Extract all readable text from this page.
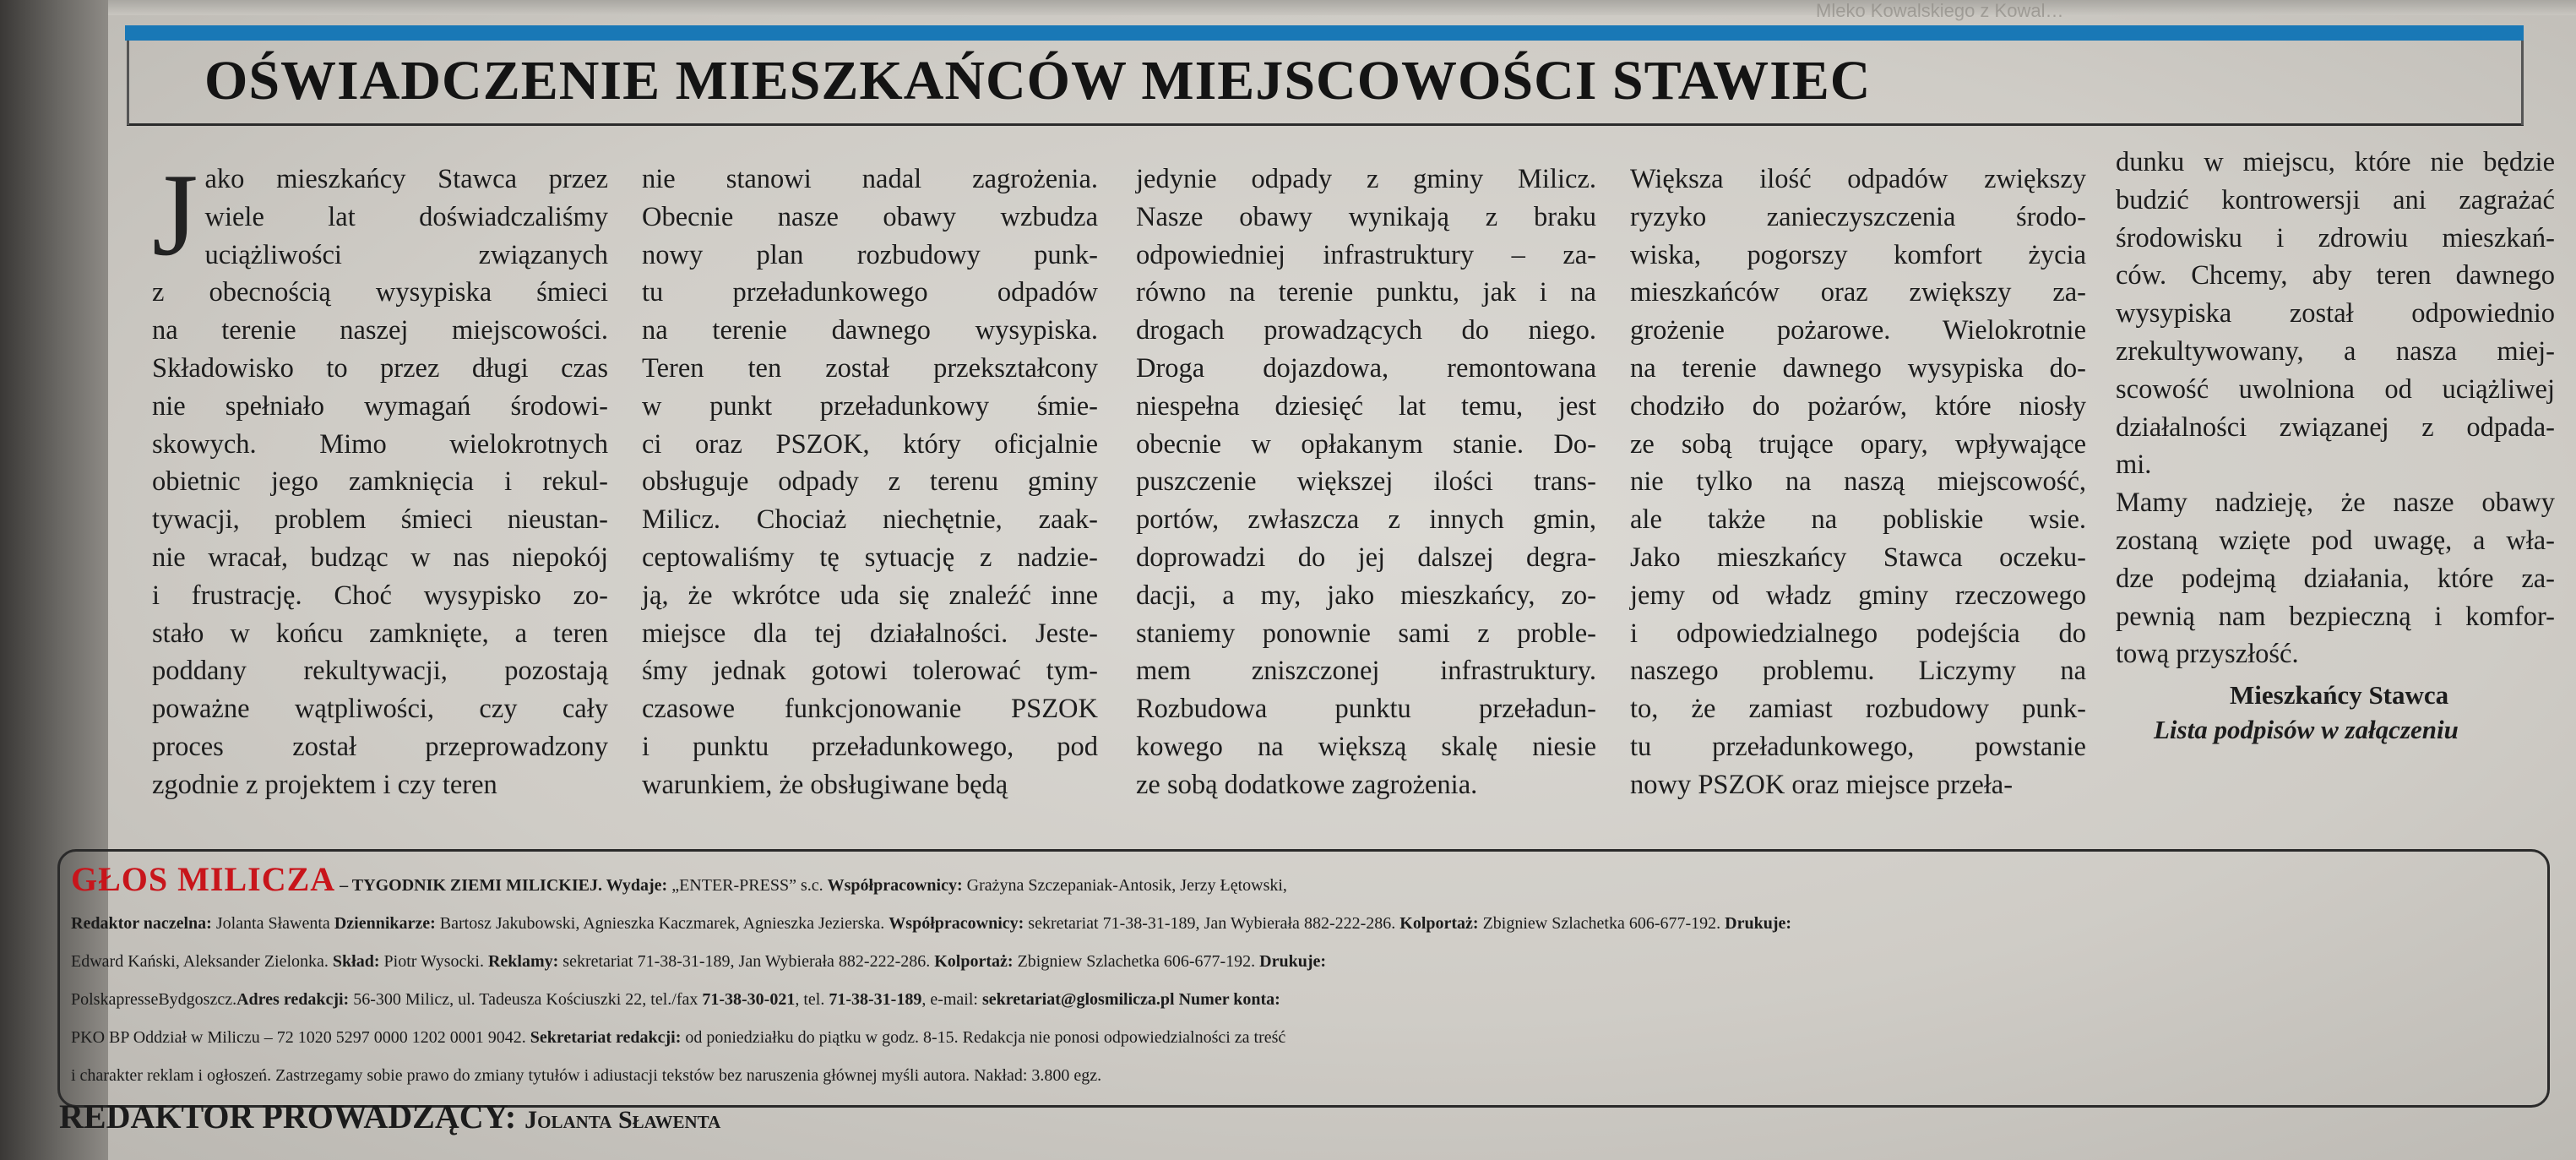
Mleko Kowalskiego z Kowal…
OŚWIADCZENIE MIESZKAŃCÓW MIEJSCOWOŚCI STAWIEC
J ako mieszkańcy Stawca przez
wiele lat doświadczaliśmy
uciążliwości związanych
z obecnością wysypiska śmieci
na terenie naszej miejscowości.
Składowisko to przez długi czas
nie spełniało wymagań środowi-
skowych. Mimo wielokrotnych
obietnic jego zamknięcia i rekul-
tywacji, problem śmieci nieustan-
nie wracał, budząc w nas niepokój
i frustrację. Choć wysypisko zo-
stało w końcu zamknięte, a teren
poddany rekultywacji, pozostają
poważne wątpliwości, czy cały
proces został przeprowadzony
zgodnie z projektem i czy teren
nie stanowi nadal zagrożenia.
Obecnie nasze obawy wzbudza
nowy plan rozbudowy punk-
tu przeładunkowego odpadów
na terenie dawnego wysypiska.
Teren ten został przekształcony
w punkt przeładunkowy śmie-
ci oraz PSZOK, który oficjalnie
obsługuje odpady z terenu gminy
Milicz. Chociaż niechętnie, zaak-
ceptowaliśmy tę sytuację z nadzie-
ją, że wkrótce uda się znaleźć inne
miejsce dla tej działalności. Jeste-
śmy jednak gotowi tolerować tym-
czasowe funkcjonowanie PSZOK
i punktu przeładunkowego, pod
warunkiem, że obsługiwane będą
jedynie odpady z gminy Milicz.
Nasze obawy wynikają z braku
odpowiedniej infrastruktury – za-
równo na terenie punktu, jak i na
drogach prowadzących do niego.
Droga dojazdowa, remontowana
niespełna dziesięć lat temu, jest
obecnie w opłakanym stanie. Do-
puszczenie większej ilości trans-
portów, zwłaszcza z innych gmin,
doprowadzi do jej dalszej degra-
dacji, a my, jako mieszkańcy, zo-
staniemy ponownie sami z proble-
mem zniszczonej infrastruktury.
Rozbudowa punktu przeładun-
kowego na większą skalę niesie
ze sobą dodatkowe zagrożenia.
Większa ilość odpadów zwiększy
ryzyko zanieczyszczenia środo-
wiska, pogorszy komfort życia
mieszkańców oraz zwiększy za-
grożenie pożarowe. Wielokrotnie
na terenie dawnego wysypiska do-
chodziło do pożarów, które niosły
ze sobą trujące opary, wpływające
nie tylko na naszą miejscowość,
ale także na pobliskie wsie.
Jako mieszkańcy Stawca oczeku-
jemy od władz gminy rzeczowego
i odpowiedzialnego podejścia do
naszego problemu. Liczymy na
to, że zamiast rozbudowy punk-
tu przeładunkowego, powstanie
nowy PSZOK oraz miejsce przeła-
dunku w miejscu, które nie będzie
budzić kontrowersji ani zagrażać
środowisku i zdrowiu mieszkań-
ców. Chcemy, aby teren dawnego
wysypiska został odpowiednio
zrekultywowany, a nasza miej-
scowość uwolniona od uciążliwej
działalności związanej z odpada-
mi.
Mamy nadzieję, że nasze obawy
zostaną wzięte pod uwagę, a wła-
dze podejmą działania, które za-
pewnią nam bezpieczną i komfor-
tową przyszłość.
Mieszkańcy Stawca
Lista podpisów w załączeniu
GŁOS MILICZA – TYGODNIK ZIEMI MILICKIEJ. Wydaje: „ENTER-PRESS” s.c. Współpracownicy: Grażyna Szczepaniak-Antosik, Jerzy Łętowski,
Redaktor naczelna: Jolanta Sławenta Dziennikarze: Bartosz Jakubowski, Agnieszka Kaczmarek, Agnieszka Jezierska. Współpracownicy: sekretariat 71-38-31-189, Jan Wybierała 882-222-286. Kolportaż: Zbigniew Szlachetka 606-677-192. Drukuje:
Edward Kański, Aleksander Zielonka. Skład: Piotr Wysocki. Reklamy: sekretariat 71-38-31-189, Jan Wybierała 882-222-286. Kolportaż: Zbigniew Szlachetka 606-677-192. Drukuje:
PolskapresseBydgoszcz.Adres redakcji: 56-300 Milicz, ul. Tadeusza Kościuszki 22, tel./fax 71-38-30-021, tel. 71-38-31-189, e-mail: sekretariat@glosmilicza.pl Numer konta:
PKO BP Oddział w Miliczu – 72 1020 5297 0000 1202 0001 9042. Sekretariat redakcji: od poniedziałku do piątku w godz. 8-15. Redakcja nie ponosi odpowiedzialności za treść
i charakter reklam i ogłoszeń. Zastrzegamy sobie prawo do zmiany tytułów i adiustacji tekstów bez naruszenia głównej myśli autora. Nakład: 3.800 egz.
REDAKTOR PROWADZĄCY: Jolanta Sławenta
